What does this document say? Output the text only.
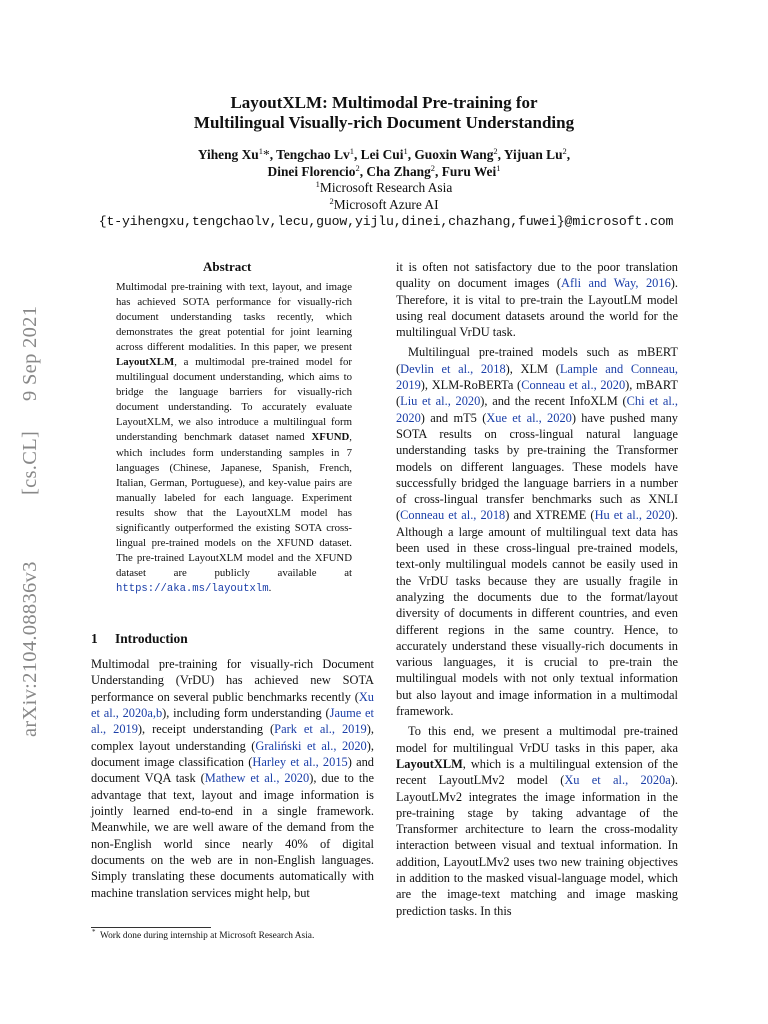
arXiv:2104.08836v3
[cs.CL]
9 Sep 2021
LayoutXLM: Multimodal Pre-training for
Multilingual Visually-rich Document Understanding
Yiheng Xu$^1$*, Tengchao Lv$^1$, Lei Cui$^1$, Guoxin Wang$^2$, Yijuan Lu$^2$,
Dinei Florencio$^2$, Cha Zhang$^2$, Furu Wei$^1$
$^1$Microsoft Research Asia
$^2$Microsoft Azure AI
{t-yihengxu,tengchaolv,lecu,guow,yijlu,dinei,chazhang,fuwei}@microsoft.com
Abstract
Multimodal pre-training with text, layout, and image has achieved SOTA performance for visually-rich document understanding tasks recently, which demonstrates the great potential for joint learning across different modalities. In this paper, we present LayoutXLM, a multimodal pre-trained model for multilingual document understanding, which aims to bridge the language barriers for visually-rich document understanding. To accurately evaluate LayoutXLM, we also introduce a multilingual form understanding benchmark dataset named XFUND, which includes form understanding samples in 7 languages (Chinese, Japanese, Spanish, French, Italian, German, Portuguese), and key-value pairs are manually labeled for each language. Experiment results show that the LayoutXLM model has significantly outperformed the existing SOTA cross-lingual pre-trained models on the XFUND dataset. The pre-trained LayoutXLM model and the XFUND dataset are publicly available at https://aka.ms/layoutxlm.
1 Introduction
Multimodal pre-training for visually-rich Document Understanding (VrDU) has achieved new SOTA performance on several public benchmarks recently (Xu et al., 2020a,b), including form understanding (Jaume et al., 2019), receipt understanding (Park et al., 2019), complex layout understanding (Graliński et al., 2020), document image classification (Harley et al., 2015) and document VQA task (Mathew et al., 2020), due to the advantage that text, layout and image information is jointly learned end-to-end in a single framework. Meanwhile, we are well aware of the demand from the non-English world since nearly 40% of digital documents on the web are in non-English languages. Simply translating these documents automatically with machine translation services might help, but
* Work done during internship at Microsoft Research Asia.

it is often not satisfactory due to the poor translation quality on document images (Afli and Way, 2016). Therefore, it is vital to pre-train the LayoutLM model using real document datasets around the world for the multilingual VrDU task.

Multilingual pre-trained models such as mBERT (Devlin et al., 2018), XLM (Lample and Conneau, 2019), XLM-RoBERTa (Conneau et al., 2020), mBART (Liu et al., 2020), and the recent InfoXLM (Chi et al., 2020) and mT5 (Xue et al., 2020) have pushed many SOTA results on cross-lingual natural language understanding tasks by pre-training the Transformer models on different languages. These models have successfully bridged the language barriers in a number of cross-lingual transfer benchmarks such as XNLI (Conneau et al., 2018) and XTREME (Hu et al., 2020). Although a large amount of multilingual text data has been used in these cross-lingual pre-trained models, text-only multilingual models cannot be easily used in the VrDU tasks because they are usually fragile in analyzing the documents due to the format/layout diversity of documents in different countries, and even different regions in the same country. Hence, to accurately understand these visually-rich documents in various languages, it is crucial to pre-train the multilingual models with not only textual information but also layout and image information in a multimodal framework.

To this end, we present a multimodal pre-trained model for multilingual VrDU tasks in this paper, aka LayoutXLM, which is a multilingual extension of the recent LayoutLMv2 model (Xu et al., 2020a). LayoutLMv2 integrates the image information in the pre-training stage by taking advantage of the Transformer architecture to learn the cross-modality interaction between visual and textual information. In addition, LayoutLMv2 uses two new training objectives in addition to the masked visual-language model, which are the image-text matching and image masking prediction tasks. In this
